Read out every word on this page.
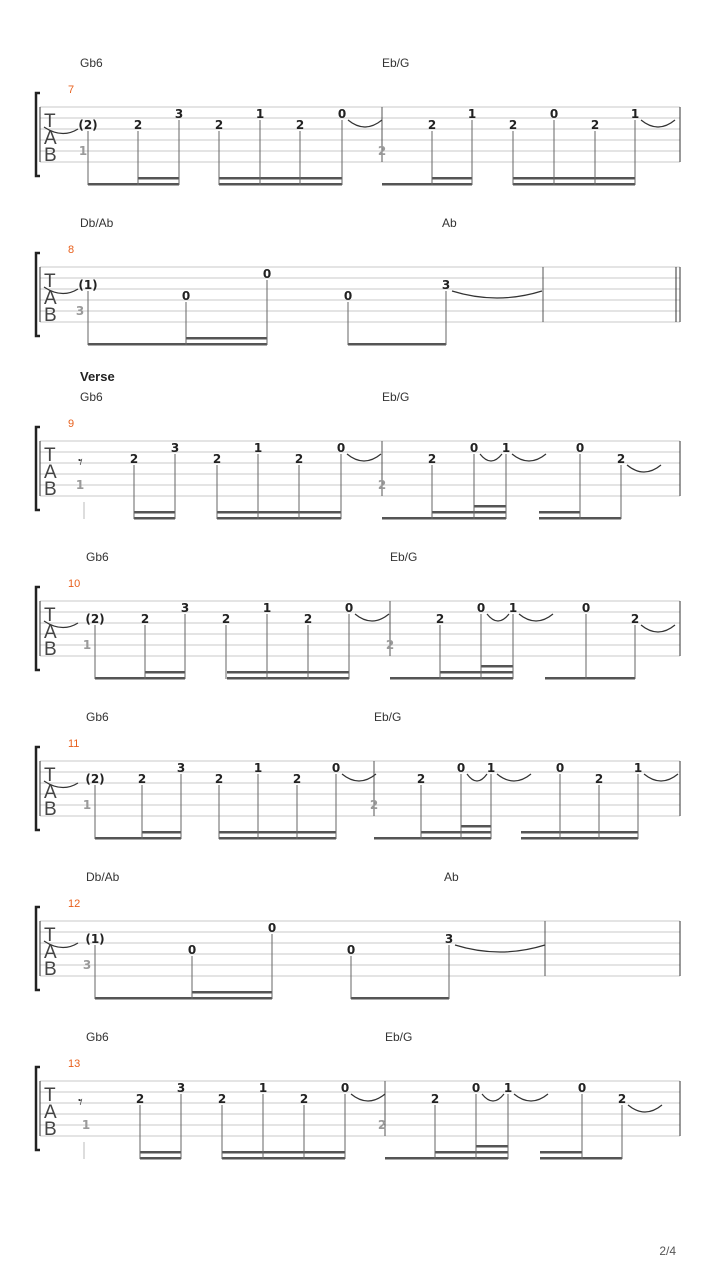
Gb6	Eb/G
7
T
A
B
(2)	2
3
2
1
2
0
2
1
2
0
2
1
1	2
Db/Ab	Ab
8
T
A
B
(1)
0
0
0
3
3
Verse
Gb6	Eb/G
9
T
A
B
𝄾	2
3
2
1
2
0
2
0 1	0
2
1	2
Gb6	Eb/G
10
T
A
B
(2)	2
3
2
1
2
0
2
0 1	0
2
1	2
Gb6	Eb/G
11
T
A
B
(2)	2
3
2
1
2
0
2
0 1	0
2
1
1	2
Db/Ab	Ab
12
T
A
B
(1)
0
0
0
3
3
Gb6	Eb/G
13
T
A
B
𝄾	2
3
2
1
2
0
2
0 1	0
2
1	2
2/4
